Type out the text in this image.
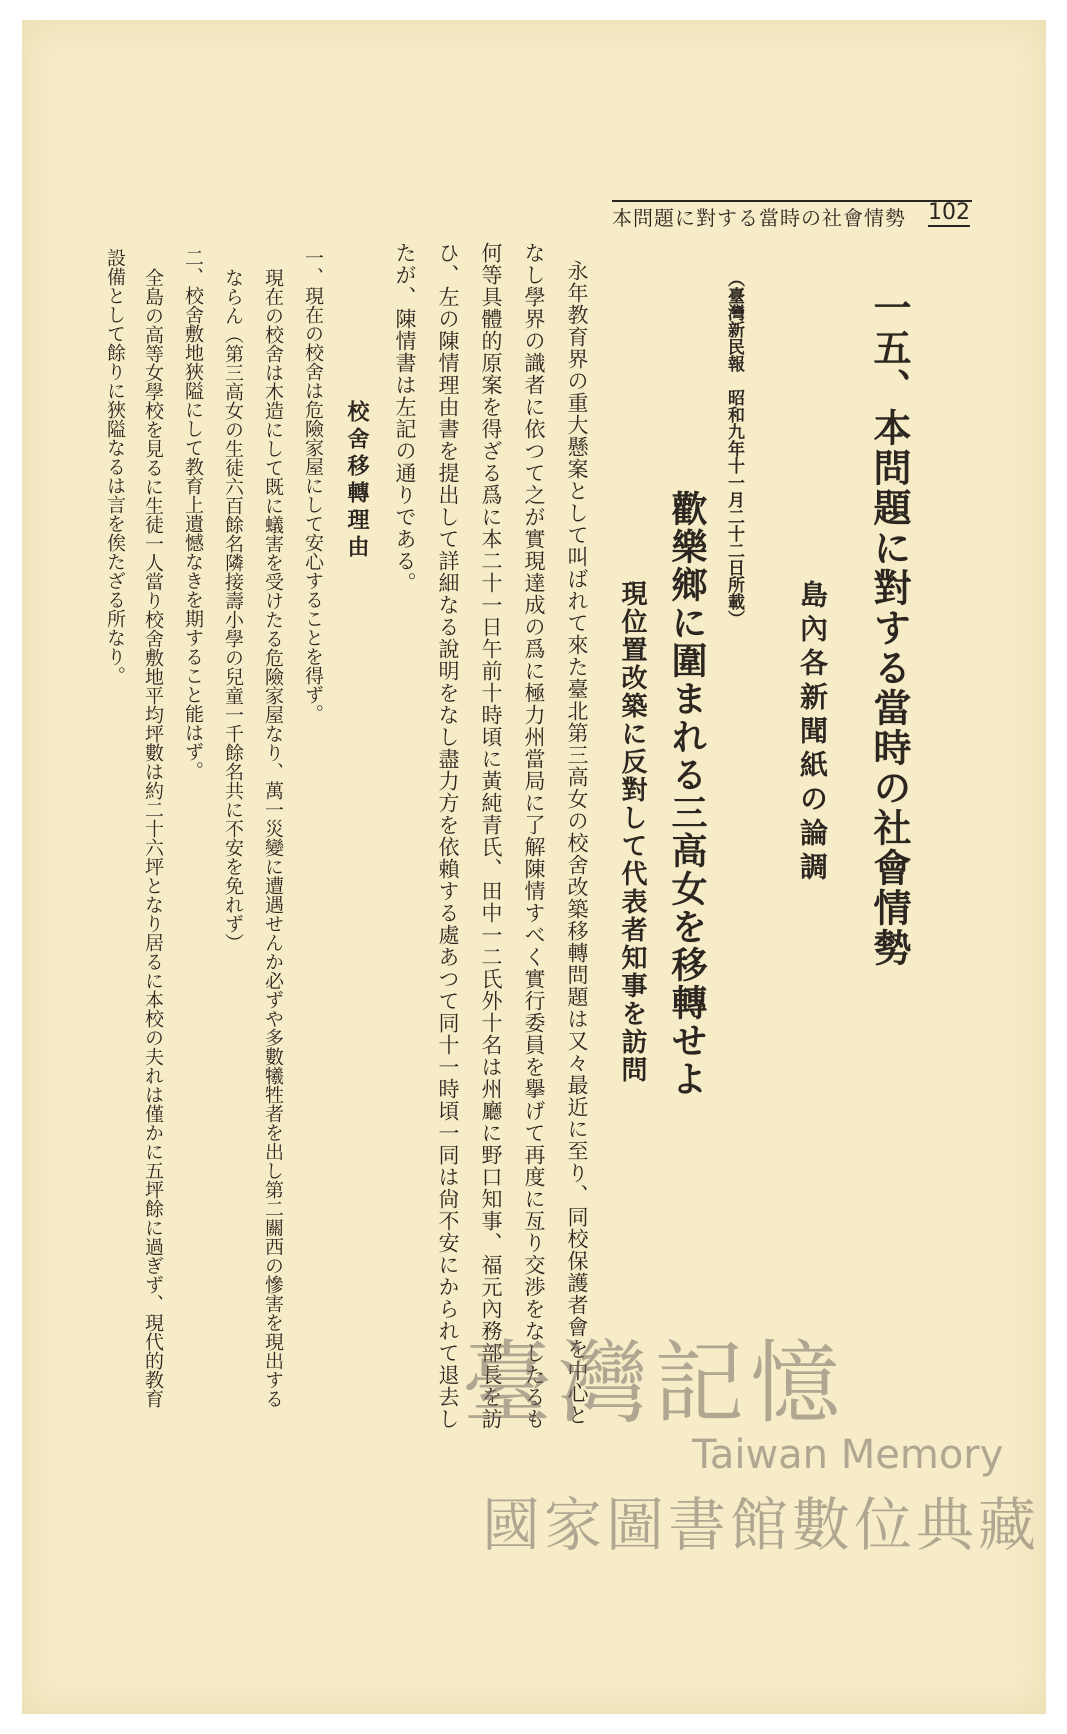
本問題に對する當時の社會情勢 102
一五、本問題に對する當時の社會情勢
島內各新聞紙の論調
歡樂鄉に圍まれる三高女を移轉せよ
現位置改築に反對して代表者知事を訪問
（臺灣新民報　昭和九年十一月二十二日所載）
永年教育界の重大懸案として叫ばれて來た臺北第三高女の校舍改築移轉問題は又々最近に至り、同校保護者會を中心と
なし學界の識者に依つて之が實現達成の爲に極力州當局に了解陳情すべく實行委員を擧げて再度に亙り交渉をなしたるも
何等具體的原案を得ざる爲に本二十一日午前十時頃に黃純青氏、田中一二氏外十名は州廳に野口知事、福元內務部長を訪
ひ、左の陳情理由書を提出して詳細なる說明をなし盡力方を依賴する處あつて同十一時頃一同は尙不安にかられて退去し
たが、陳情書は左記の通りである。
校舍移轉理由
一、現在の校舍は危險家屋にして安心することを得ず。
現在の校舍は木造にして既に蟻害を受けたる危險家屋なり、萬一災變に遭遇せんか必ずや多數犧牲者を出し第二關西の慘害を現出する
ならん（第三高女の生徒六百餘名隣接壽小學の兒童一千餘名共に不安を免れず）
二、校舍敷地狹隘にして教育上遺憾なきを期すること能はず。
全島の高等女學校を見るに生徒一人當り校舍敷地平均坪數は約二十六坪となり居るに本校の夫れは僅かに五坪餘に過ぎず、現代的教育
設備として餘りに狹隘なるは言を俟たざる所なり。
臺灣記憶
Taiwan Memory
國家圖書館數位典藏
